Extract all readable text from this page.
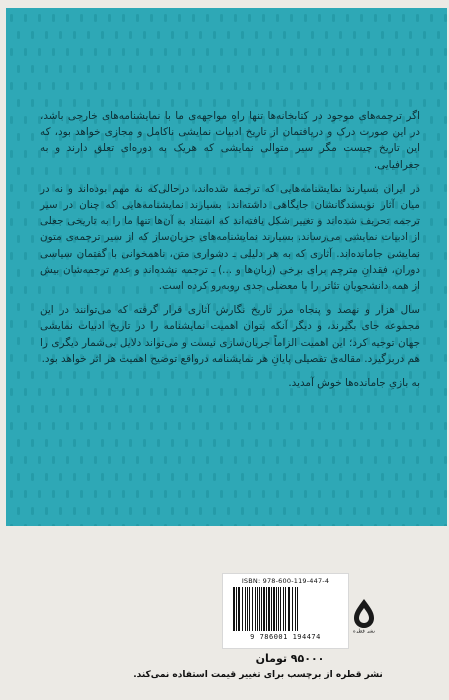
اگر ترجمه‌های موجود در کتابخانه‌ها تنها راهِ مواجهه‌ی ما با نمایشنامه‌های خارجی باشد، در این صورت درک و دریافتمان از تاریخ ادبیات نمایشی ناکامل و مجازی خواهد بود، که این تاریخ چیست مگر سیر متوالی نمایشی که هریک به دوره‌ای تعلق دارند و به جغرافیایی.

در ایران بسیارند نمایشنامه‌هایی که ترجمه شده‌اند، درحالی‌که نه مهم بوده‌اند و نه در میان آثار نویسندگانشان جایگاهی داشته‌اند. بسیارند نمایشنامه‌هایی که چنان در سیر ترجمه تحریف شده‌اند و تغییر شکل یافته‌اند که استناد به آن‌ها تنها ما را به تاریخی جعلی از ادبیات نمایشی می‌رساند. بسیارند نمایشنامه‌های جریان‌ساز که از سیر ترجمه‌ی متون نمایشی جامانده‌اند. آثاری که به هر دلیلی ـ دشواری متن، ناهمخوانی با گفتمان سیاسی دوران، فقدانِ مترجم برای برخی (زبان‌ها و ...) ـ ترجمه نشده‌اند و عدم ترجمه‌شان بیش از همه دانشجویان تئاتر را با معضلی جدی روبه‌رو کرده است.

سال هزار و نهصد و پنجاه مرز تاریخ نگارش آثاری قرار گرفته که می‌توانند در این مجموعه جای بگیرند، و دیگر آنکه بتوان اهمیت نمایشنامه را در تاریخ ادبیات نمایشی جهان توجیه کرد؛ این اهمیت الزاماً جریان‌سازی نیست و می‌تواند دلایل بی‌شمار دیگری را هم دربرگیرد. مقاله‌ی تفصیلی پایانِ هر نمایشنامه درواقع توضیح اهمیت هر اثر خواهد بود.

به بازیِ جامانده‌ها خوش آمدید.

ISBN: 978-600-119-447-4
9 786001 194474
نشر قطره
۹۵۰۰۰ تومان
نشر قطره از برچسب برای تغییر قیمت استفاده نمی‌کند.
